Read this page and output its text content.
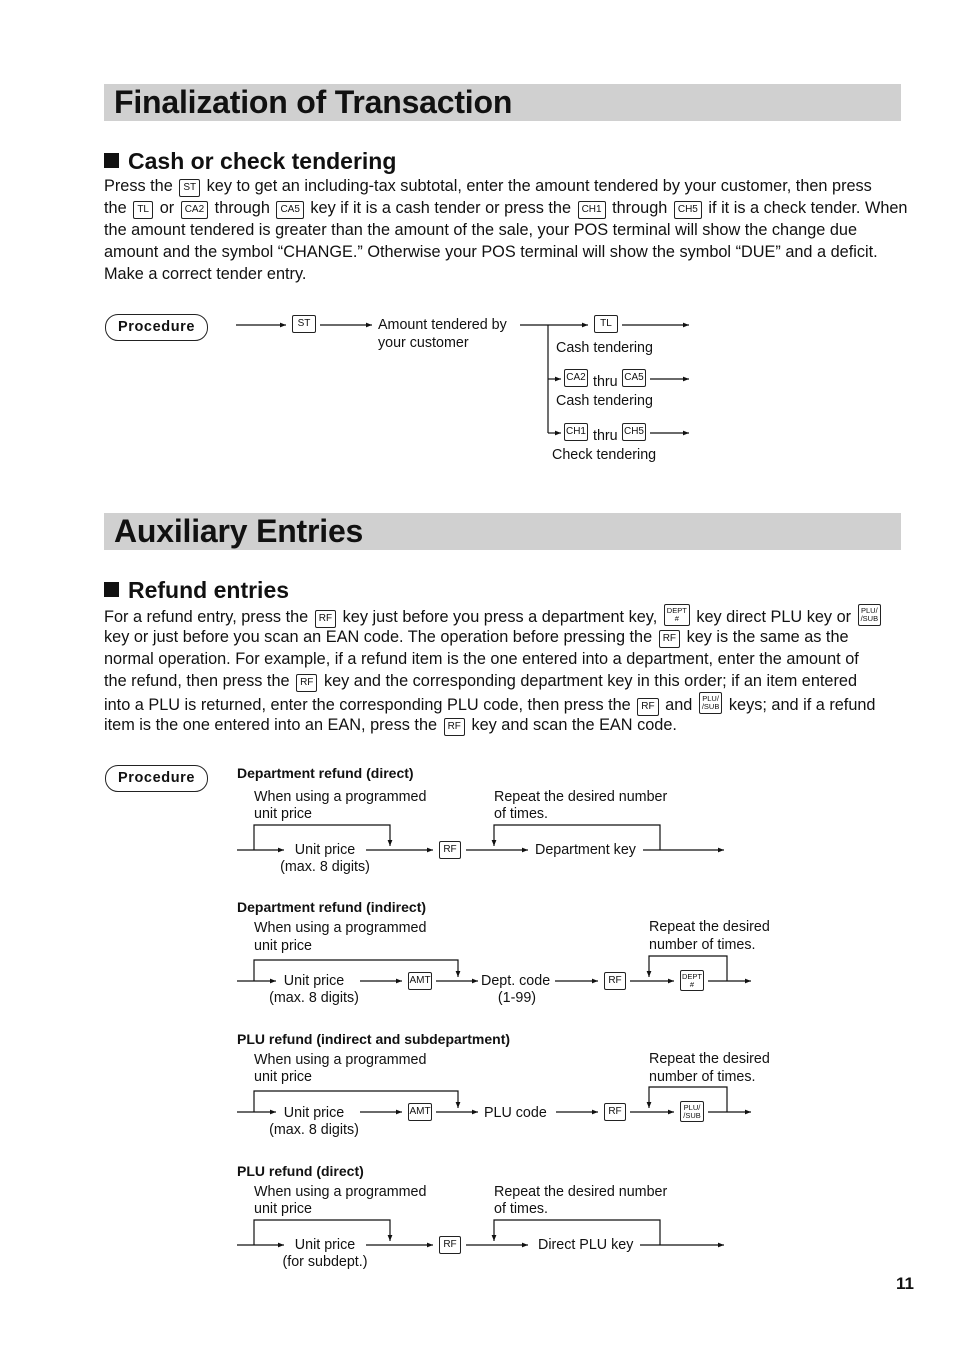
Finalization of Transaction
Cash or check tendering
Press the ST key to get an including-tax subtotal, enter the amount tendered by your customer, then press
the TL or CA2 through CA5 key if it is a cash tender or press the CH1 through CH5 if it is a check tender. When
the amount tendered is greater than the amount of the sale, your POS terminal will show the change due
amount and the symbol “CHANGE.” Otherwise your POS terminal will show the symbol “DUE” and a deficit.
Make a correct tender entry.
Procedure	ST	Amount tendered by
your customer
TL
Cash tendering
CA2 thru CA5
Cash tendering
CH1 thru CH5
Check tendering
Auxiliary Entries
Refund entries
For a refund entry, press the RF key just before you press a department key, DEPT
# key direct PLU key or PLU/
/SUB
key or just before you scan an EAN code. The operation before pressing the RF key is the same as the
normal operation. For example, if a refund item is the one entered into a department, enter the amount of
the refund, then press the RF key and the corresponding department key in this order; if an item entered
into a PLU is returned, enter the corresponding PLU code, then press the RF and PLU/
/SUB keys; and if a refund
item is the one entered into an EAN, press the RF key and scan the EAN code.
Procedure	Department refund (direct)
When using a programmed
unit price
Repeat the desired number
of times.
Unit price
(max. 8 digits)
RF	Department key
Department refund (indirect)
When using a programmed
unit price
Repeat the desired
number of times.
Unit price
(max. 8 digits)
AMT	Dept. code
(1-99)
RF	DEPT
#
PLU refund (indirect and subdepartment)
When using a programmed
unit price
Repeat the desired
number of times.
Unit price
(max. 8 digits)
AMT	PLU code	RF	PLU/
/SUB
PLU refund (direct)
When using a programmed
unit price
Repeat the desired number
of times.
Unit price
(for subdept.)
RF	Direct PLU key
11
